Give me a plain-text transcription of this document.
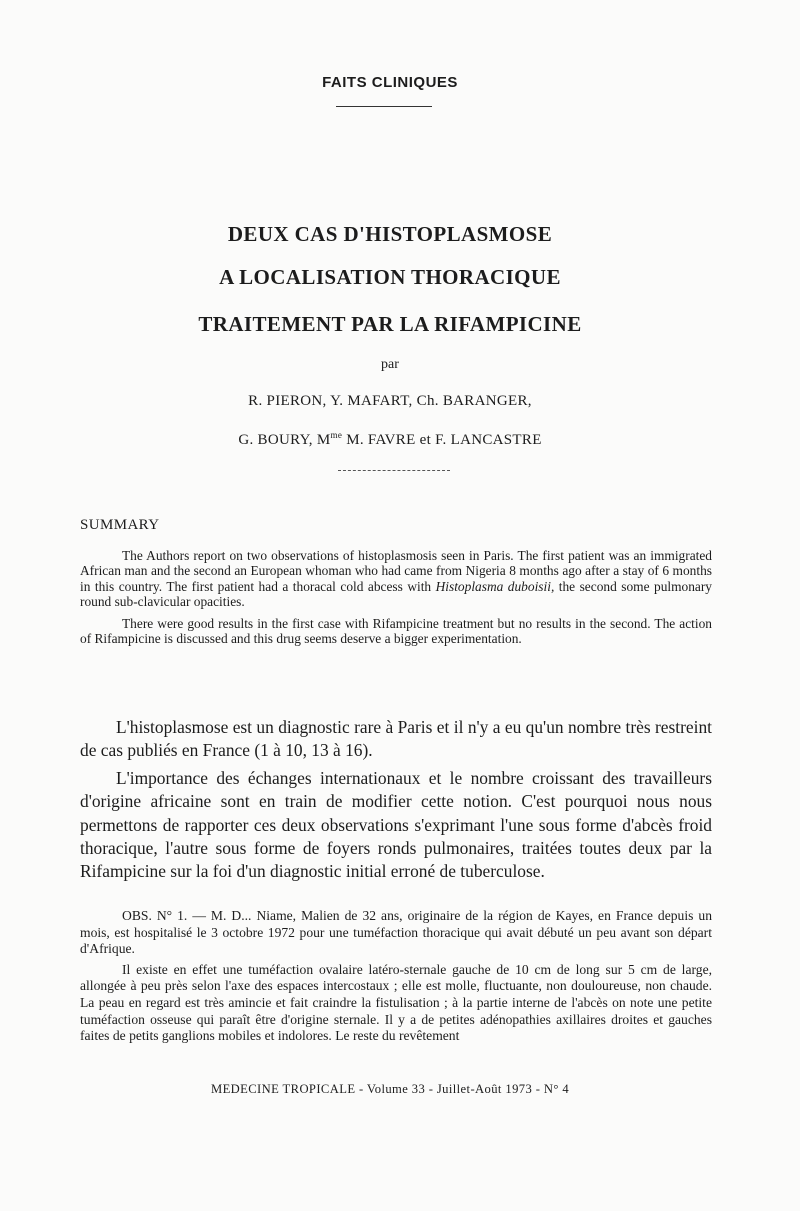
FAITS CLINIQUES
DEUX CAS D'HISTOPLASMOSE
A LOCALISATION THORACIQUE
TRAITEMENT PAR LA RIFAMPICINE
par
R. PIERON, Y. MAFART, Ch. BARANGER,
G. BOURY, $M^{me}$ M. FAVRE et F. LANCASTRE
SUMMARY

The Authors report on two observations of histoplasmosis seen in Paris. The first patient was an immigrated African man and the second an European whoman who had came from Nigeria 8 months ago after a stay of 6 months in this country. The first patient had a thoracal cold abcess with Histoplasma duboisii, the second some pulmonary round sub-clavicular opacities.

There were good results in the first case with Rifampicine treatment but no results in the second. The action of Rifampicine is discussed and this drug seems deserve a bigger experimentation.

L'histoplasmose est un diagnostic rare à Paris et il n'y a eu qu'un nombre très restreint de cas publiés en France (1 à 10, 13 à 16).

L'importance des échanges internationaux et le nombre croissant des travailleurs d'origine africaine sont en train de modifier cette notion. C'est pourquoi nous nous permettons de rapporter ces deux observations s'exprimant l'une sous forme d'abcès froid thoracique, l'autre sous forme de foyers ronds pulmonaires, traitées toutes deux par la Rifampicine sur la foi d'un diagnostic initial erroné de tuberculose.

OBS. N° 1. — M. D... Niame, Malien de 32 ans, originaire de la région de Kayes, en France depuis un mois, est hospitalisé le 3 octobre 1972 pour une tuméfaction thoracique qui avait débuté un peu avant son départ d'Afrique.

Il existe en effet une tuméfaction ovalaire latéro-sternale gauche de 10 cm de long sur 5 cm de large, allongée à peu près selon l'axe des espaces intercostaux ; elle est molle, fluctuante, non douloureuse, non chaude. La peau en regard est très amincie et fait craindre la fistulisation ; à la partie interne de l'abcès on note une petite tuméfaction osseuse qui paraît être d'origine sternale. Il y a de petites adénopathies axillaires droites et gauches faites de petits ganglions mobiles et indolores. Le reste du revêtement

MEDECINE TROPICALE - Volume 33 - Juillet-Août 1973 - N° 4
